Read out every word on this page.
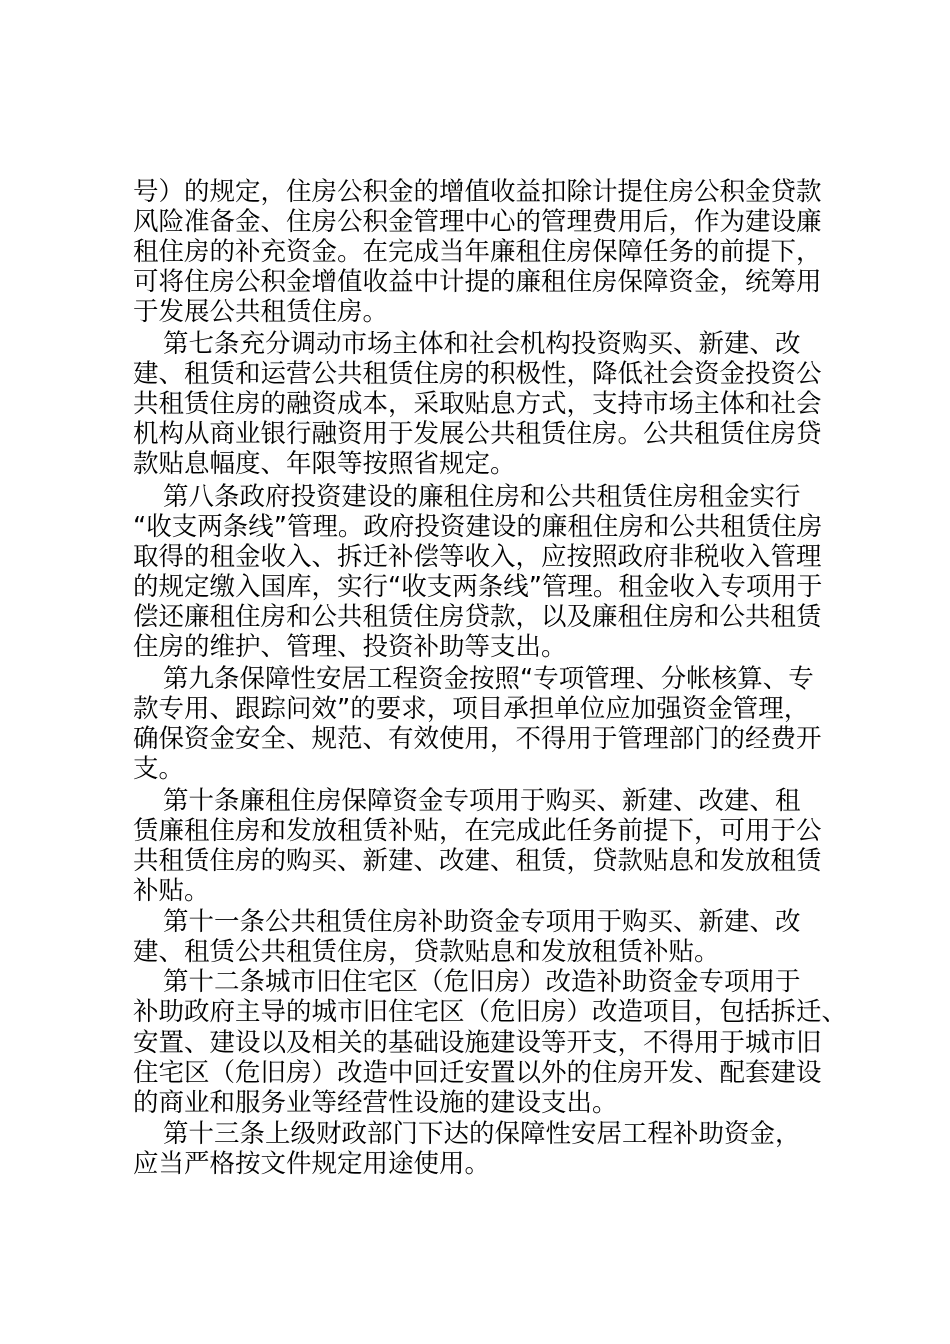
号）的规定，住房公积金的增值收益扣除计提住房公积金贷款
风险准备金、住房公积金管理中心的管理费用后，作为建设廉
租住房的补充资金。在完成当年廉租住房保障任务的前提下，
可将住房公积金增值收益中计提的廉租住房保障资金，统筹用
于发展公共租赁住房。
第七条充分调动市场主体和社会机构投资购买、新建、改
建、租赁和运营公共租赁住房的积极性，降低社会资金投资公
共租赁住房的融资成本，采取贴息方式，支持市场主体和社会
机构从商业银行融资用于发展公共租赁住房。公共租赁住房贷
款贴息幅度、年限等按照省规定。
第八条政府投资建设的廉租住房和公共租赁住房租金实行
“收支两条线”管理。政府投资建设的廉租住房和公共租赁住房
取得的租金收入、拆迁补偿等收入，应按照政府非税收入管理
的规定缴入国库，实行“收支两条线”管理。租金收入专项用于
偿还廉租住房和公共租赁住房贷款，以及廉租住房和公共租赁
住房的维护、管理、投资补助等支出。
第九条保障性安居工程资金按照“专项管理、分帐核算、专
款专用、跟踪问效”的要求，项目承担单位应加强资金管理，
确保资金安全、规范、有效使用，不得用于管理部门的经费开
支。
第十条廉租住房保障资金专项用于购买、新建、改建、租
赁廉租住房和发放租赁补贴，在完成此任务前提下，可用于公
共租赁住房的购买、新建、改建、租赁，贷款贴息和发放租赁
补贴。
第十一条公共租赁住房补助资金专项用于购买、新建、改
建、租赁公共租赁住房，贷款贴息和发放租赁补贴。
第十二条城市旧住宅区（危旧房）改造补助资金专项用于
补助政府主导的城市旧住宅区（危旧房）改造项目，包括拆迁、
安置、建设以及相关的基础设施建设等开支，不得用于城市旧
住宅区（危旧房）改造中回迁安置以外的住房开发、配套建设
的商业和服务业等经营性设施的建设支出。
第十三条上级财政部门下达的保障性安居工程补助资金，
应当严格按文件规定用途使用。
